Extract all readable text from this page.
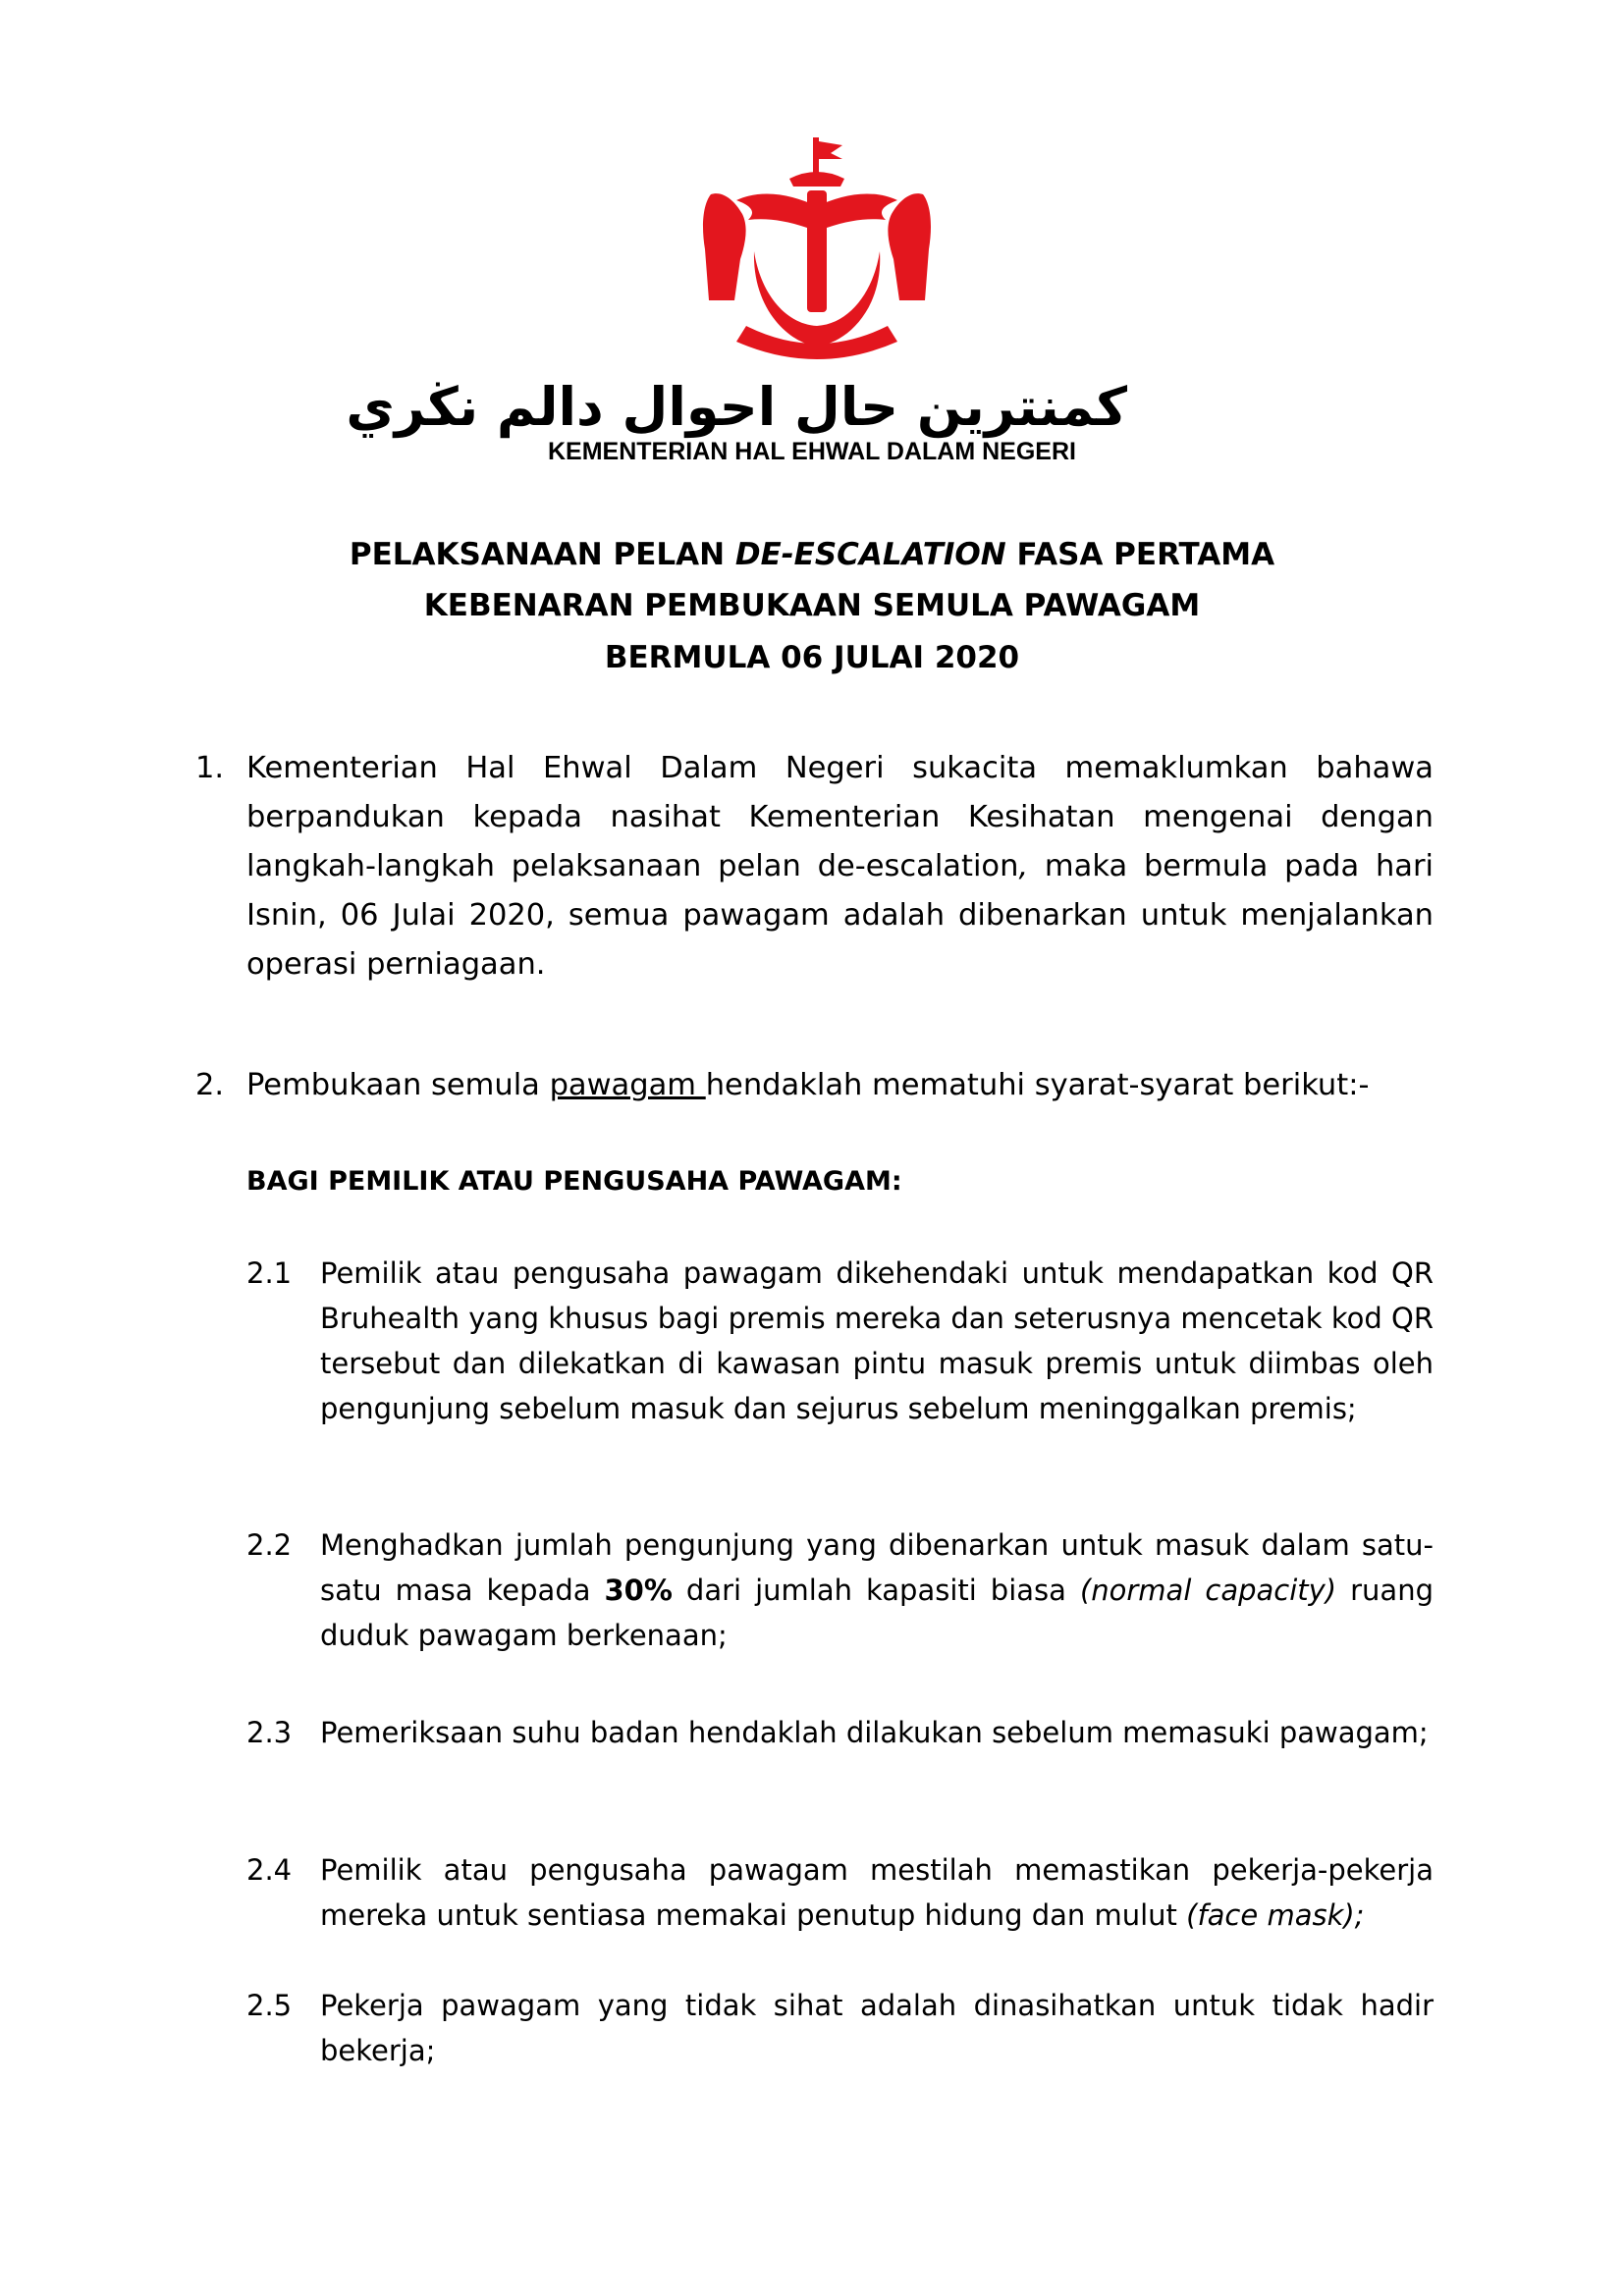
كمنترين حال احوال دالم نڬري
KEMENTERIAN HAL EHWAL DALAM NEGERI
PELAKSANAAN PELAN DE-ESCALATION FASA PERTAMA
KEBENARAN PEMBUKAAN SEMULA PAWAGAM
BERMULA 06 JULAI 2020
1. Kementerian Hal Ehwal Dalam Negeri sukacita memaklumkan bahawa berpandukan kepada nasihat Kementerian Kesihatan mengenai dengan langkah-langkah pelaksanaan pelan de-escalation, maka bermula pada hari Isnin, 06 Julai 2020, semua pawagam adalah dibenarkan untuk menjalankan operasi perniagaan.

2. Pembukaan semula pawagam hendaklah mematuhi syarat-syarat berikut:-

BAGI PEMILIK ATAU PENGUSAHA PAWAGAM:
2.1 Pemilik atau pengusaha pawagam dikehendaki untuk mendapatkan kod QR Bruhealth yang khusus bagi premis mereka dan seterusnya mencetak kod QR tersebut dan dilekatkan di kawasan pintu masuk premis untuk diimbas oleh pengunjung sebelum masuk dan sejurus sebelum meninggalkan premis;

2.2 Menghadkan jumlah pengunjung yang dibenarkan untuk masuk dalam satu-satu masa kepada 30% dari jumlah kapasiti biasa (normal capacity) ruang duduk pawagam berkenaan;

2.3 Pemeriksaan suhu badan hendaklah dilakukan sebelum memasuki pawagam;

2.4 Pemilik atau pengusaha pawagam mestilah memastikan pekerja-pekerja mereka untuk sentiasa memakai penutup hidung dan mulut (face mask);

2.5 Pekerja pawagam yang tidak sihat adalah dinasihatkan untuk tidak hadir bekerja;
